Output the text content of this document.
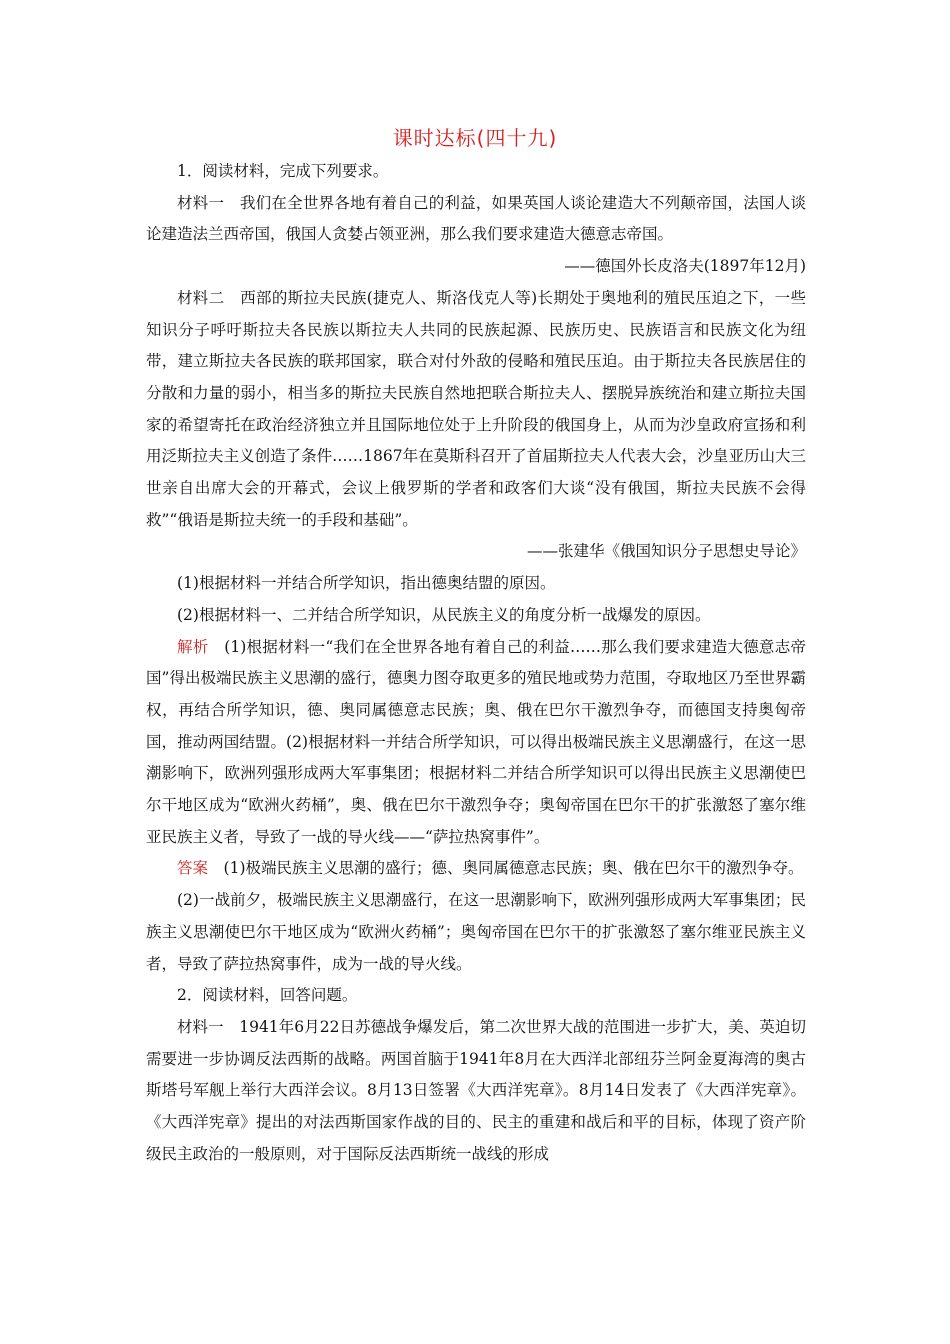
课时达标(四十九)

1．阅读材料，完成下列要求。

材料一　 我们在全世界各地有着自己的利益，如果英国人谈论建造大不列颠帝国，法国人谈论建造法兰西帝国，俄国人贪婪占领亚洲，那么我们要求建造大德意志帝国。

——德国外长皮洛夫(1897年12月)

材料二　 西部的斯拉夫民族(捷克人、斯洛伐克人等)长期处于奥地利的殖民压迫之下，一些知识分子呼吁斯拉夫各民族以斯拉夫人共同的民族起源、民族历史、民族语言和民族文化为纽带，建立斯拉夫各民族的联邦国家，联合对付外敌的侵略和殖民压迫。由于斯拉夫各民族居住的分散和力量的弱小，相当多的斯拉夫民族自然地把联合斯拉夫人、摆脱异族统治和建立斯拉夫国家的希望寄托在政治经济独立并且国际地位处于上升阶段的俄国身上，从而为沙皇政府宣扬和利用泛斯拉夫主义创造了条件……1867年在莫斯科召开了首届斯拉夫人代表大会，沙皇亚历山大三世亲自出席大会的开幕式，会议上俄罗斯的学者和政客们大谈“没有俄国，斯拉夫民族不会得救”“俄语是斯拉夫统一的手段和基础”。

——张建华《俄国知识分子思想史导论》

(1)根据材料一并结合所学知识，指出德奥结盟的原因。

(2)根据材料一、二并结合所学知识，从民族主义的角度分析一战爆发的原因。

解析　 (1)根据材料一“我们在全世界各地有着自己的利益……那么我们要求建造大德意志帝国”得出极端民族主义思潮的盛行，德奥力图夺取更多的殖民地或势力范围，夺取地区乃至世界霸权，再结合所学知识，德、奥同属德意志民族；奥、俄在巴尔干激烈争夺，而德国支持奥匈帝国，推动两国结盟。(2)根据材料一并结合所学知识，可以得出极端民族主义思潮盛行，在这一思潮影响下，欧洲列强形成两大军事集团；根据材料二并结合所学知识可以得出民族主义思潮使巴尔干地区成为“欧洲火药桶”，奥、俄在巴尔干激烈争夺；奥匈帝国在巴尔干的扩张激怒了塞尔维亚民族主义者，导致了一战的导火线——“萨拉热窝事件”。

答案　 (1)极端民族主义思潮的盛行；德、奥同属德意志民族；奥、俄在巴尔干的激烈争夺。

(2)一战前夕，极端民族主义思潮盛行，在这一思潮影响下，欧洲列强形成两大军事集团；民族主义思潮使巴尔干地区成为“欧洲火药桶”；奥匈帝国在巴尔干的扩张激怒了塞尔维亚民族主义者，导致了萨拉热窝事件，成为一战的导火线。

2．阅读材料，回答问题。

材料一　 1941年6月22日苏德战争爆发后，第二次世界大战的范围进一步扩大，美、英迫切需要进一步协调反法西斯的战略。两国首脑于1941年8月在大西洋北部纽芬兰阿金夏海湾的奥古斯塔号军舰上举行大西洋会议。8月13日签署《大西洋宪章》。8月14日发表了《大西洋宪章》。《大西洋宪章》提出的对法西斯国家作战的目的、民主的重建和战后和平的目标，体现了资产阶级民主政治的一般原则，对于国际反法西斯统一战线的形成
